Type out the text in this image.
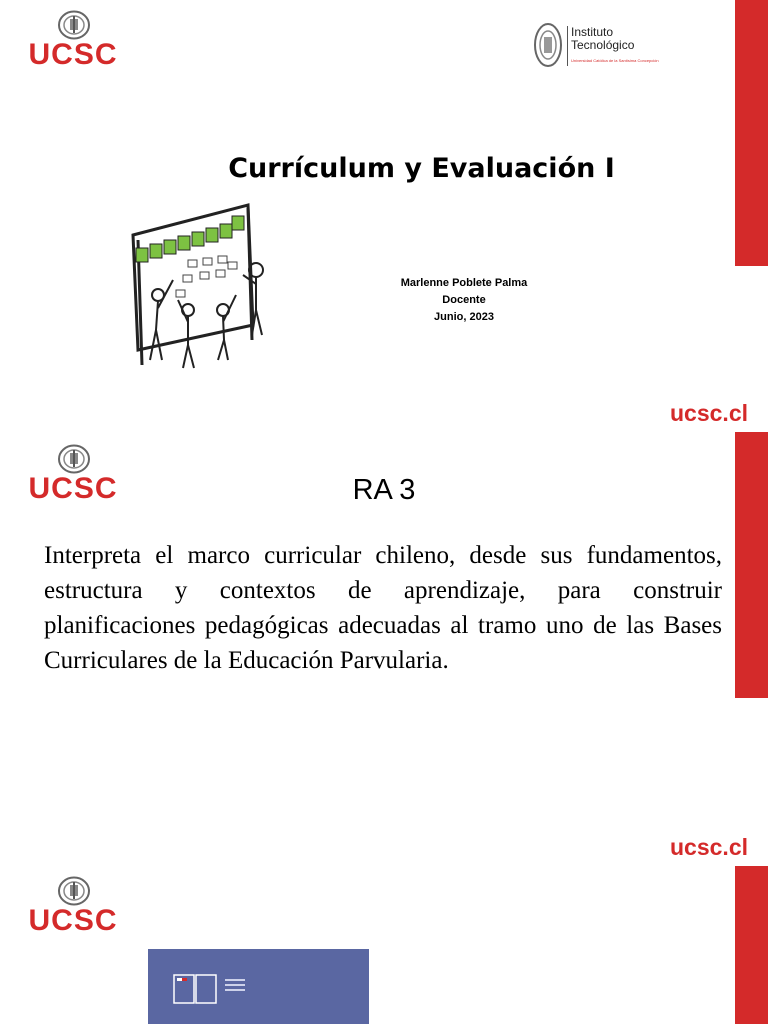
UCSC
Instituto
Tecnológico
Universidad Católica de la Santísima Concepción
Currículum y Evaluación I
Marlenne Poblete Palma
Docente
Junio, 2023
ucsc.cl
UCSC	RA 3
Interpreta el marco curricular chileno, desde sus fundamentos, estructura y contextos de aprendizaje, para construir planificaciones pedagógicas adecuadas al tramo uno de las Bases Curriculares de la Educación Parvularia.
ucsc.cl
UCSC
